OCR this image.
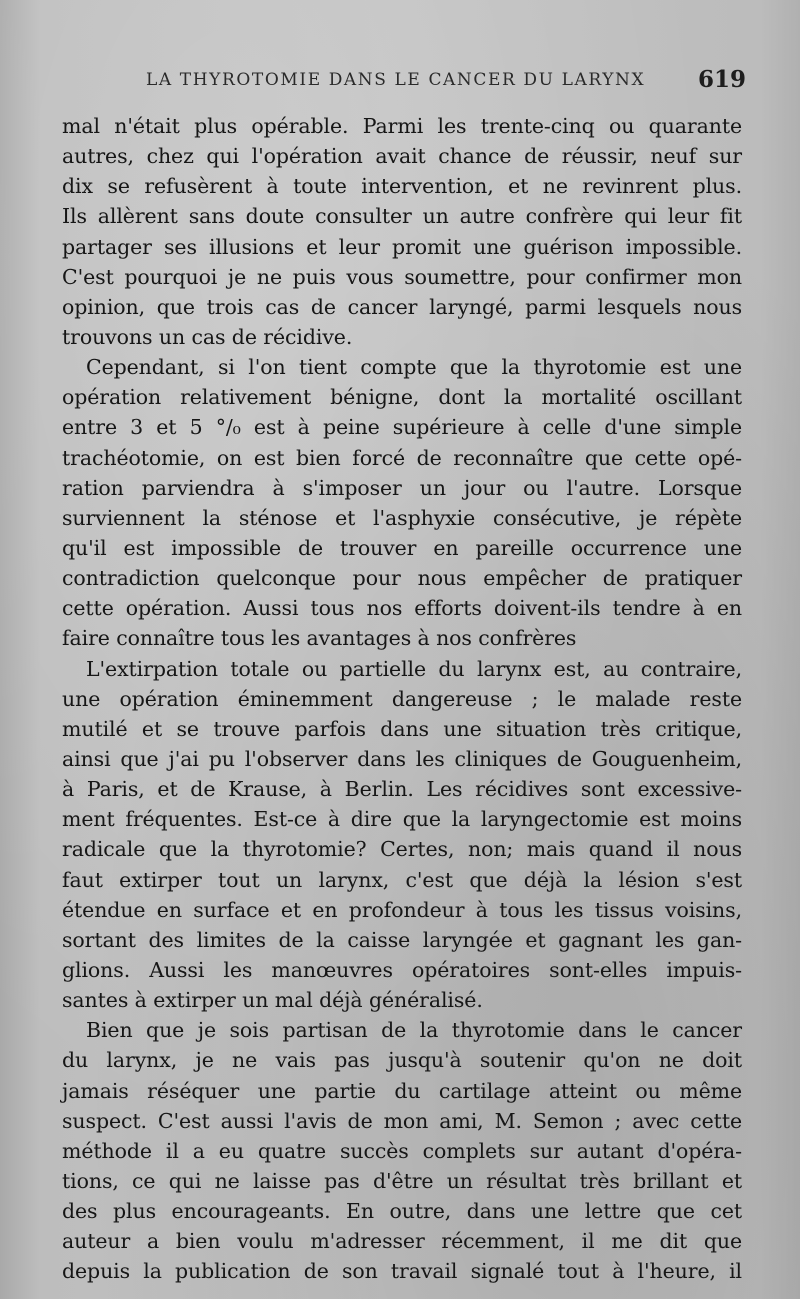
LA THYROTOMIE DANS LE CANCER DU LARYNX 619
mal n'était plus opérable. Parmi les trente-cinq ou quarante
autres, chez qui l'opération avait chance de réussir, neuf sur
dix se refusèrent à toute intervention, et ne revinrent plus.
Ils allèrent sans doute consulter un autre confrère qui leur fit
partager ses illusions et leur promit une guérison impossible.
C'est pourquoi je ne puis vous soumettre, pour confirmer mon
opinion, que trois cas de cancer laryngé, parmi lesquels nous
trouvons un cas de récidive.
Cependant, si l'on tient compte que la thyrotomie est une
opération relativement bénigne, dont la mortalité oscillant
entre 3 et 5 °/₀ est à peine supérieure à celle d'une simple
trachéotomie, on est bien forcé de reconnaître que cette opé-
ration parviendra à s'imposer un jour ou l'autre. Lorsque
surviennent la sténose et l'asphyxie consécutive, je répète
qu'il est impossible de trouver en pareille occurrence une
contradiction quelconque pour nous empêcher de pratiquer
cette opération. Aussi tous nos efforts doivent-ils tendre à en
faire connaître tous les avantages à nos confrères
L'extirpation totale ou partielle du larynx est, au contraire,
une opération éminemment dangereuse ; le malade reste
mutilé et se trouve parfois dans une situation très critique,
ainsi que j'ai pu l'observer dans les cliniques de Gouguenheim,
à Paris, et de Krause, à Berlin. Les récidives sont excessive-
ment fréquentes. Est-ce à dire que la laryngectomie est moins
radicale que la thyrotomie? Certes, non; mais quand il nous
faut extirper tout un larynx, c'est que déjà la lésion s'est
étendue en surface et en profondeur à tous les tissus voisins,
sortant des limites de la caisse laryngée et gagnant les gan-
glions. Aussi les manœuvres opératoires sont-elles impuis-
santes à extirper un mal déjà généralisé.
Bien que je sois partisan de la thyrotomie dans le cancer
du larynx, je ne vais pas jusqu'à soutenir qu'on ne doit
jamais réséquer une partie du cartilage atteint ou même
suspect. C'est aussi l'avis de mon ami, M. Semon ; avec cette
méthode il a eu quatre succès complets sur autant d'opéra-
tions, ce qui ne laisse pas d'être un résultat très brillant et
des plus encourageants. En outre, dans une lettre que cet
auteur a bien voulu m'adresser récemment, il me dit que
depuis la publication de son travail signalé tout à l'heure, il
